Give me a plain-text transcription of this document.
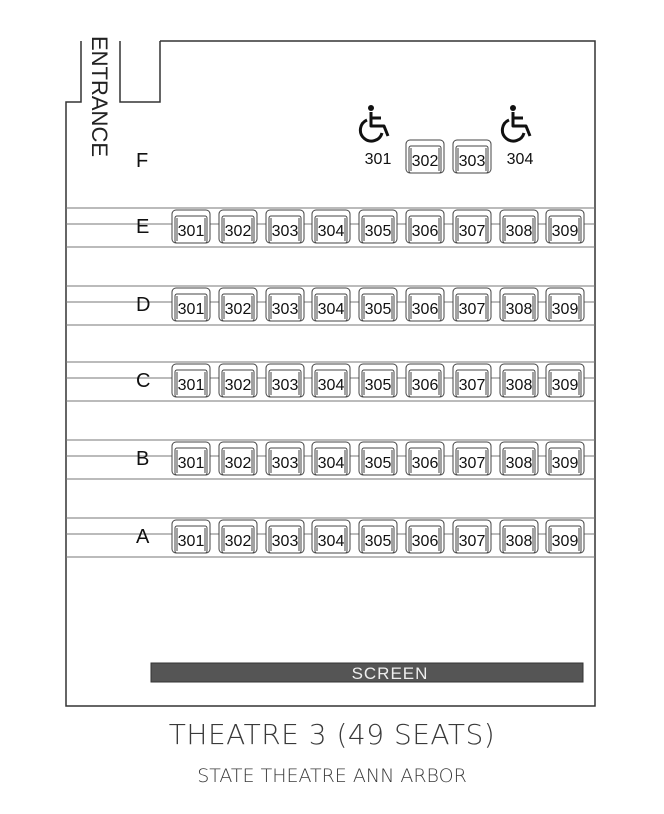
ENTRANCE
F	301 302 303 304
E 301 302 303 304 305 306 307 308 309
D 301 302 303 304 305 306 307 308 309
C 301 302 303 304 305 306 307 308 309
B 301 302 303 304 305 306 307 308 309
A 301 302 303 304 305 306 307 308 309
SCREEN
THEATRE 3 (49 SEATS)
STATE THEATRE ANN ARBOR
